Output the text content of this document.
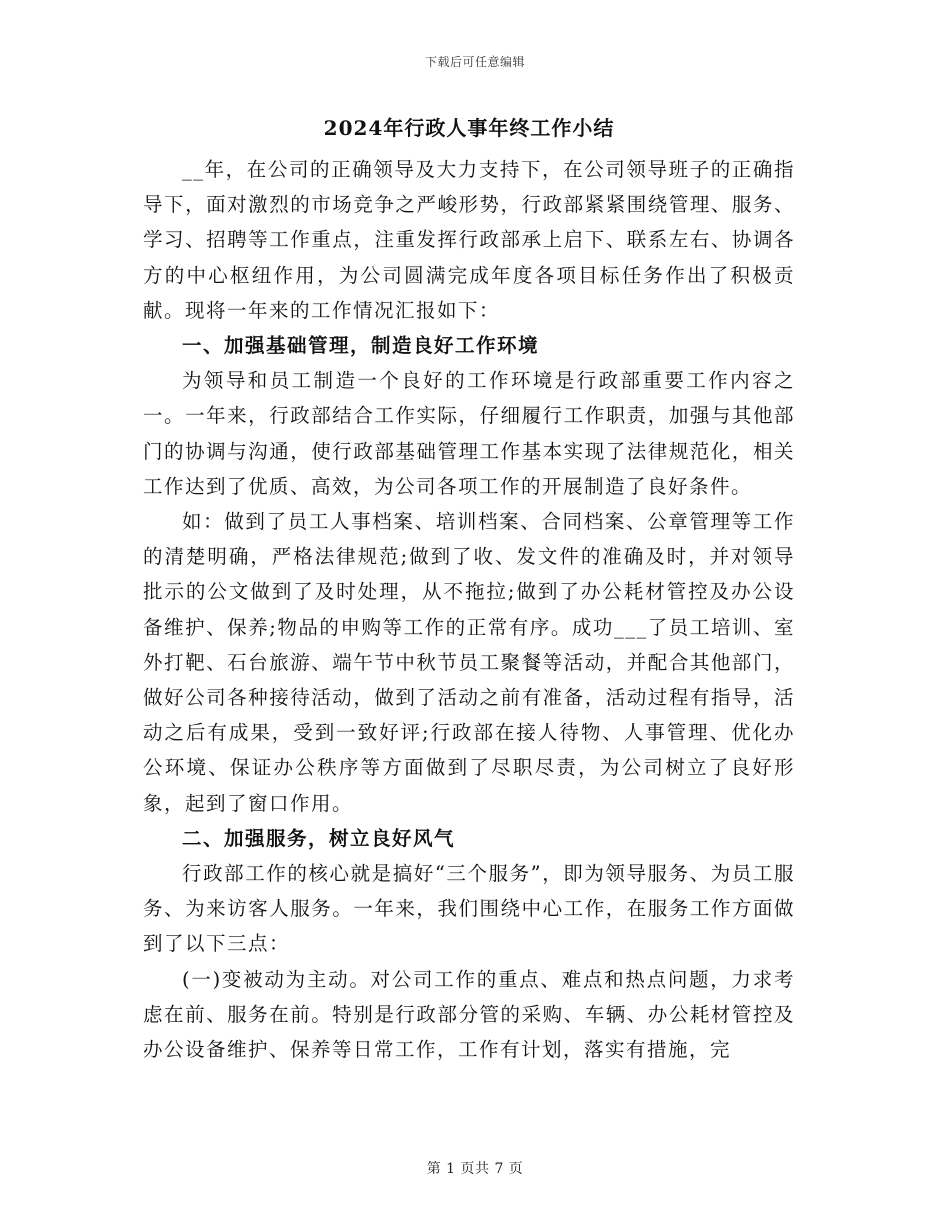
下载后可任意编辑
2024年行政人事年终工作小结

__年，在公司的正确领导及大力支持下，在公司领导班子的正确指导下，面对激烈的市场竞争之严峻形势，行政部紧紧围绕管理、服务、学习、招聘等工作重点，注重发挥行政部承上启下、联系左右、协调各方的中心枢纽作用，为公司圆满完成年度各项目标任务作出了积极贡献。现将一年来的工作情况汇报如下：

一、加强基础管理，制造良好工作环境

为领导和员工制造一个良好的工作环境是行政部重要工作内容之一。一年来，行政部结合工作实际，仔细履行工作职责，加强与其他部门的协调与沟通，使行政部基础管理工作基本实现了法律规范化，相关工作达到了优质、高效，为公司各项工作的开展制造了良好条件。

如：做到了员工人事档案、培训档案、合同档案、公章管理等工作的清楚明确，严格法律规范;做到了收、发文件的准确及时，并对领导批示的公文做到了及时处理，从不拖拉;做到了办公耗材管控及办公设备维护、保养;物品的申购等工作的正常有序。成功___了员工培训、室外打靶、石台旅游、端午节中秋节员工聚餐等活动，并配合其他部门，做好公司各种接待活动，做到了活动之前有准备，活动过程有指导，活动之后有成果，受到一致好评;行政部在接人待物、人事管理、优化办公环境、保证办公秩序等方面做到了尽职尽责，为公司树立了良好形象，起到了窗口作用。

二、加强服务，树立良好风气

行政部工作的核心就是搞好“三个服务”，即为领导服务、为员工服务、为来访客人服务。一年来，我们围绕中心工作，在服务工作方面做到了以下三点：

(一)变被动为主动。对公司工作的重点、难点和热点问题，力求考虑在前、服务在前。特别是行政部分管的采购、车辆、办公耗材管控及办公设备维护、保养等日常工作，工作有计划，落实有措施，完

第 1 页共 7 页
